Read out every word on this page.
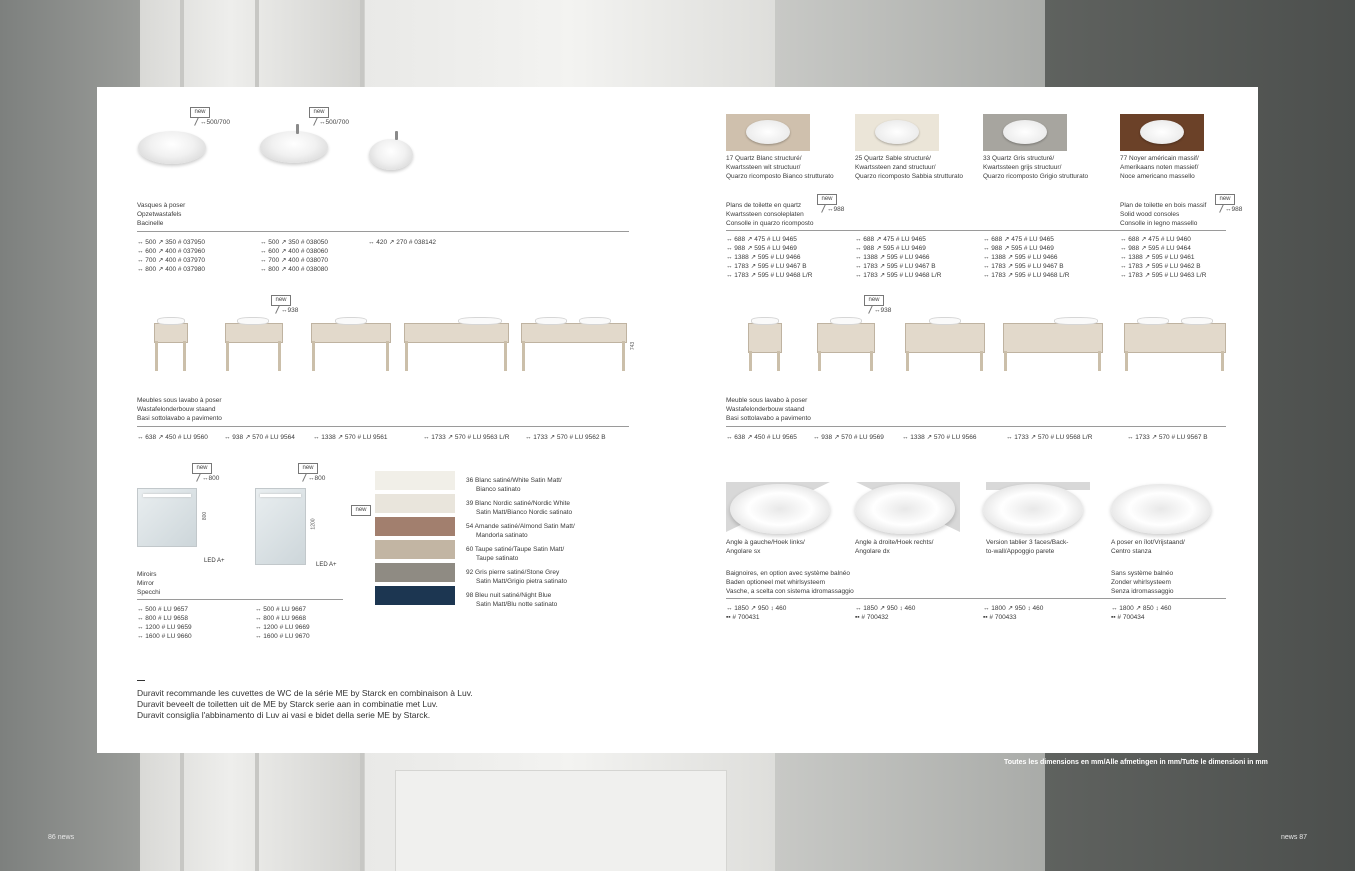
86 news	news 87
Toutes les dimensions en mm/Alle afmetingen in mm/Tutte le dimensioni in mm
new
↔500/700
new
↔500/700
Vasques à poser
Opzetwastafels
Bacinelle
↔ 500 ↗ 350 # 037950
↔ 600 ↗ 400 # 037960
↔ 700 ↗ 400 # 037970
↔ 800 ↗ 400 # 037980
↔ 500 ↗ 350 # 038050
↔ 600 ↗ 400 # 038060
↔ 700 ↗ 400 # 038070
↔ 800 ↗ 400 # 038080
↔ 420 ↗ 270 # 038142
new
↔938
743
Meubles sous lavabo à poser
Wastafelonderbouw staand
Basi sottolavabo a pavimento
↔ 638 ↗ 450 # LU 9560 ↔ 938 ↗ 570 # LU 9564	↔ 1338 ↗ 570 # LU 9561	↔ 1733 ↗ 570 # LU 9563 L/R ↔ 1733 ↗ 570 # LU 9562 B
new
↔800
new
↔800
800
1200
LED A+
LED A+
Miroirs
Mirror
Specchi
↔ 500 # LU 9657
↔ 800 # LU 9658
↔ 1200 # LU 9659
↔ 1600 # LU 9660
↔ 500 # LU 9667
↔ 800 # LU 9668
↔ 1200 # LU 9669
↔ 1600 # LU 9670
new
36 Blanc satiné/White Satin Matt/
Bianco satinato
39 Blanc Nordic satiné/Nordic White
Satin Matt/Bianco Nordic satinato
54 Amande satiné/Almond Satin Matt/
Mandorla satinato
60 Taupe satiné/Taupe Satin Matt/
Taupe satinato
92 Gris pierre satiné/Stone Grey
Satin Matt/Grigio pietra satinato
98 Bleu nuit satiné/Night Blue
Satin Matt/Blu notte satinato
Duravit recommande les cuvettes de WC de la série ME by Starck en combinaison à Luv.
Duravit beveelt de toiletten uit de ME by Starck serie aan in combinatie met Luv.
Duravit consiglia l'abbinamento di Luv ai vasi e bidet della serie ME by Starck.
17 Quartz Blanc structuré/
Kwartssteen wit structuur/
Quarzo ricomposto Bianco strutturato
25 Quartz Sable structuré/
Kwartssteen zand structuur/
Quarzo ricomposto Sabbia strutturato
33 Quartz Gris structuré/
Kwartssteen grijs structuur/
Quarzo ricomposto Grigio strutturato
77 Noyer américain massif/
Amerikaans noten massief/
Noce americano massello
Plans de toilette en quartz
Kwartssteen consoleplaten
Consolle in quarzo ricomposto
new
↔988
Plan de toilette en bois massif
Solid wood consoles
Consolle in legno massello
new
↔988
↔ 688 ↗ 475 # LU 9465
↔ 988 ↗ 595 # LU 9469
↔ 1388 ↗ 595 # LU 9466
↔ 1783 ↗ 595 # LU 9467 B
↔ 1783 ↗ 595 # LU 9468 L/R
↔ 688 ↗ 475 # LU 9465
↔ 988 ↗ 595 # LU 9469
↔ 1388 ↗ 595 # LU 9466
↔ 1783 ↗ 595 # LU 9467 B
↔ 1783 ↗ 595 # LU 9468 L/R
↔ 688 ↗ 475 # LU 9465
↔ 988 ↗ 595 # LU 9469
↔ 1388 ↗ 595 # LU 9466
↔ 1783 ↗ 595 # LU 9467 B
↔ 1783 ↗ 595 # LU 9468 L/R
↔ 688 ↗ 475 # LU 9460
↔ 988 ↗ 595 # LU 9464
↔ 1388 ↗ 595 # LU 9461
↔ 1783 ↗ 595 # LU 9462 B
↔ 1783 ↗ 595 # LU 9463 L/R
new
↔938
Meuble sous lavabo à poser
Wastafelonderbouw staand
Basi sottolavabo a pavimento
↔ 638 ↗ 450 # LU 9565 ↔ 938 ↗ 570 # LU 9569	↔ 1338 ↗ 570 # LU 9566	↔ 1733 ↗ 570 # LU 9568 L/R	↔ 1733 ↗ 570 # LU 9567 B
Angle à gauche/Hoek links/
Angolare sx
Angle à droite/Hoek rechts/
Angolare dx
Version tablier 3 faces/Back-
to-wall/Appoggio parete
A poser en îlot/Vrijstaand/
Centro stanza
Baignoires, en option avec système balnéo
Baden optioneel met whirlsysteem
Vasche, a scelta con sistema idromassaggio
Sans système balnéo
Zonder whirlsysteem
Senza idromassaggio
↔ 1850 ↗ 950 ↕ 460
▪▪ # 700431
↔ 1850 ↗ 950 ↕ 460
▪▪ # 700432
↔ 1800 ↗ 950 ↕ 460
▪▪ # 700433
↔ 1800 ↗ 850 ↕ 460
▪▪ # 700434
